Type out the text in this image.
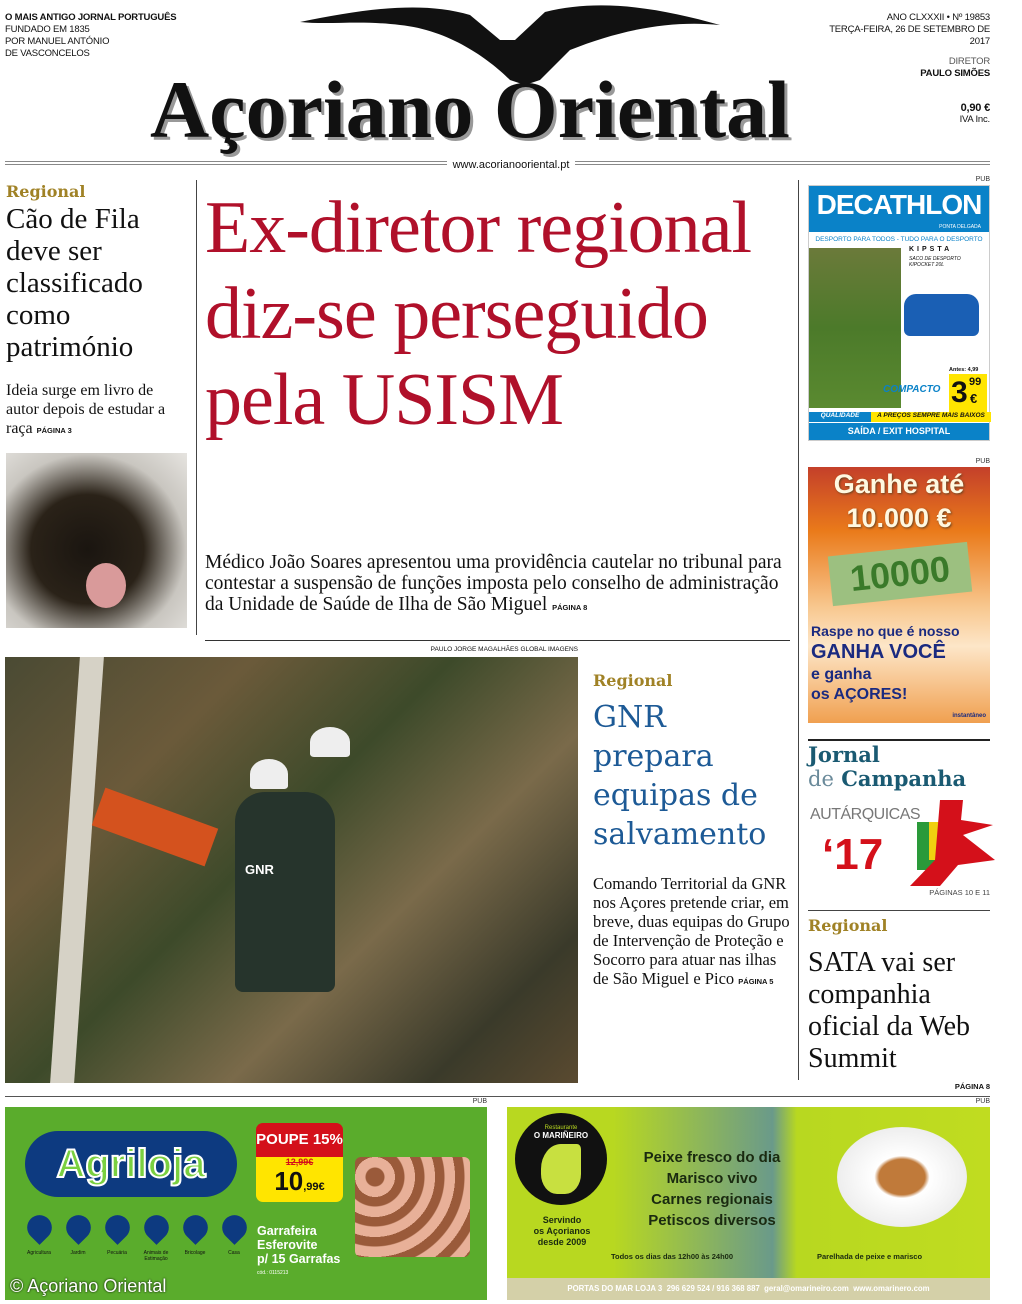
O MAIS ANTIGO JORNAL PORTUGUÊS
FUNDADO EM 1835
POR MANUEL ANTÓNIO
DE VASCONCELOS
Açoriano Oriental
ANO CLXXXII • Nº 19853
TERÇA-FEIRA, 26 DE SETEMBRO DE 2017
DIRETOR
PAULO SIMÕES
0,90 €
IVA Inc.
www.acorianooriental.pt
Regional
Cão de Fila deve ser classificado como património
Ideia surge em livro de autor depois de estudar a raça PÁGINA 3
Ex-diretor regional diz-se perseguido pela USISM
Médico João Soares apresentou uma providência cautelar no tribunal para contestar a suspensão de funções imposta pelo conselho de administração da Unidade de Saúde de Ilha de São Miguel PÁGINA 8
PAULO JORGE MAGALHÃES GLOBAL IMAGENS
GNR
Regional
GNR prepara equipas de salvamento
Comando Territorial da GNR nos Açores pretende criar, em breve, duas equipas do Grupo de Intervenção de Proteção e Socorro para atuar nas ilhas de São Miguel e Pico PÁGINA 5
PUB
DECATHLON
PONTA DELGADA
DESPORTO PARA TODOS - TUDO PARA O DESPORTO
KIPSTA
SACO DE DESPORTO
KIPOCKET 20L
Antes: 4,99
COMPACTO 3 99
€
QUALIDADE	A PREÇOS SEMPRE MAIS BAIXOS
SAÍDA / EXIT HOSPITAL
PUB
Ganhe até
10.000 €
10000
Raspe no que é nosso
GANHA VOCÊ
e ganha
os AÇORES!
instantâneo
Jornal
de Campanha
AUTÁRQUICAS
‘17
PÁGINAS 10 E 11
Regional
SATA vai ser companhia oficial da Web Summit
PÁGINA 8
PUB
Agriloja
Agricultura	Jardim	Pecuária	Animais de Estimação
Bricolage	Casa
POUPE 15%
12,99€
10,99€
Garrafeira
Esferovite
p/ 15 Garrafas
cód.: 0115213
© Açoriano Oriental
PUB
Restaurante
O MARIÑEIRO
Servindo
os Açorianos
desde 2009
Peixe fresco do dia
Marisco vivo
Carnes regionais
Petiscos diversos
Todos os dias das 12h00 às 24h00	Parelhada de peixe e marisco
PORTAS DO MAR LOJA 3  296 629 524 / 916 368 887  geral@omarineiro.com  www.omarinero.com
